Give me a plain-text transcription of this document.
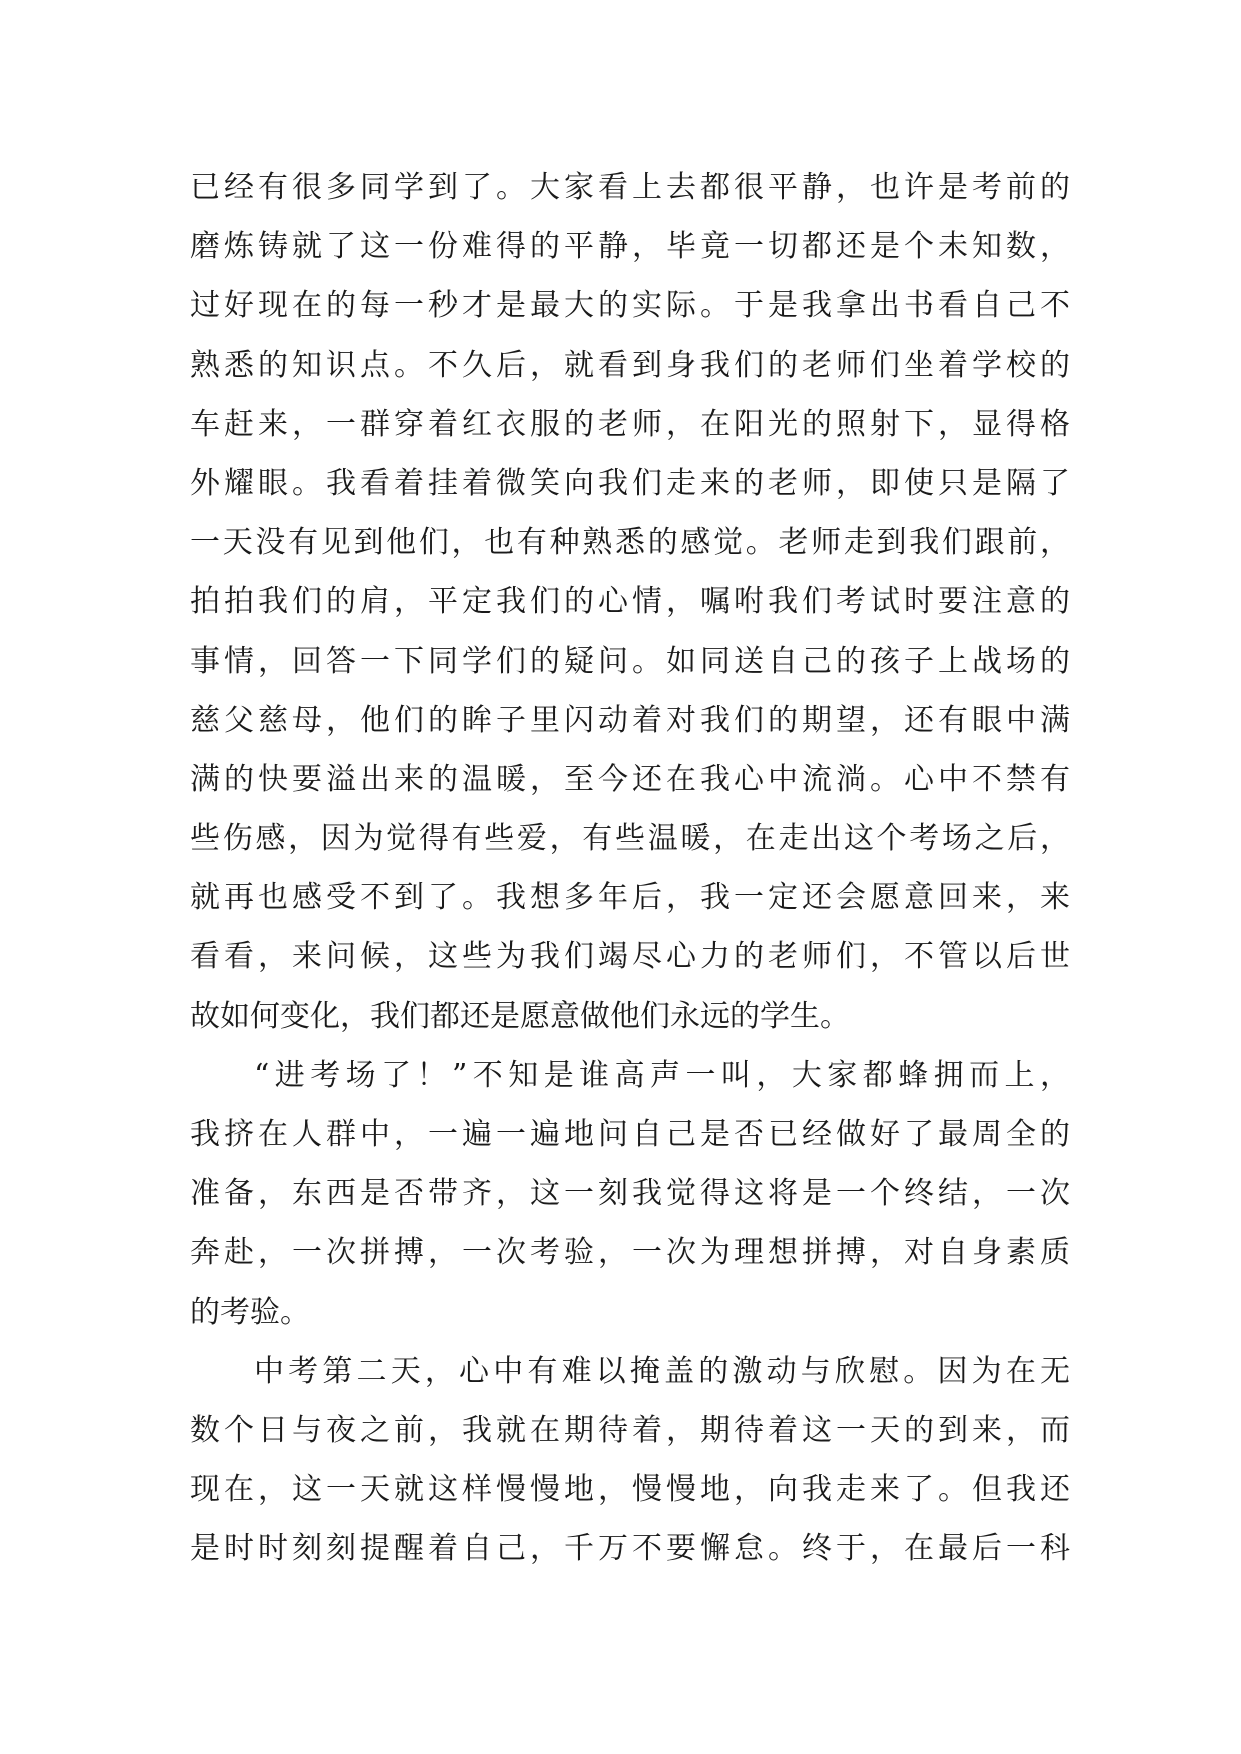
已经有很多同学到了。大家看上去都很平静，也许是考前的
磨炼铸就了这一份难得的平静，毕竟一切都还是个未知数，
过好现在的每一秒才是最大的实际。于是我拿出书看自己不
熟悉的知识点。不久后，就看到身我们的老师们坐着学校的
车赶来，一群穿着红衣服的老师，在阳光的照射下，显得格
外耀眼。我看着挂着微笑向我们走来的老师，即使只是隔了
一天没有见到他们，也有种熟悉的感觉。老师走到我们跟前，
拍拍我们的肩，平定我们的心情，嘱咐我们考试时要注意的
事情，回答一下同学们的疑问。如同送自己的孩子上战场的
慈父慈母，他们的眸子里闪动着对我们的期望，还有眼中满
满的快要溢出来的温暖，至今还在我心中流淌。心中不禁有
些伤感，因为觉得有些爱，有些温暖，在走出这个考场之后，
就再也感受不到了。我想多年后，我一定还会愿意回来，来
看看，来问候，这些为我们竭尽心力的老师们，不管以后世
故如何变化，我们都还是愿意做他们永远的学生。
“进考场了！”不知是谁高声一叫，大家都蜂拥而上，
我挤在人群中，一遍一遍地问自己是否已经做好了最周全的
准备，东西是否带齐，这一刻我觉得这将是一个终结，一次
奔赴，一次拼搏，一次考验，一次为理想拼搏，对自身素质
的考验。
中考第二天，心中有难以掩盖的激动与欣慰。因为在无
数个日与夜之前，我就在期待着，期待着这一天的到来，而
现在，这一天就这样慢慢地，慢慢地，向我走来了。但我还
是时时刻刻提醒着自己，千万不要懈怠。终于，在最后一科
